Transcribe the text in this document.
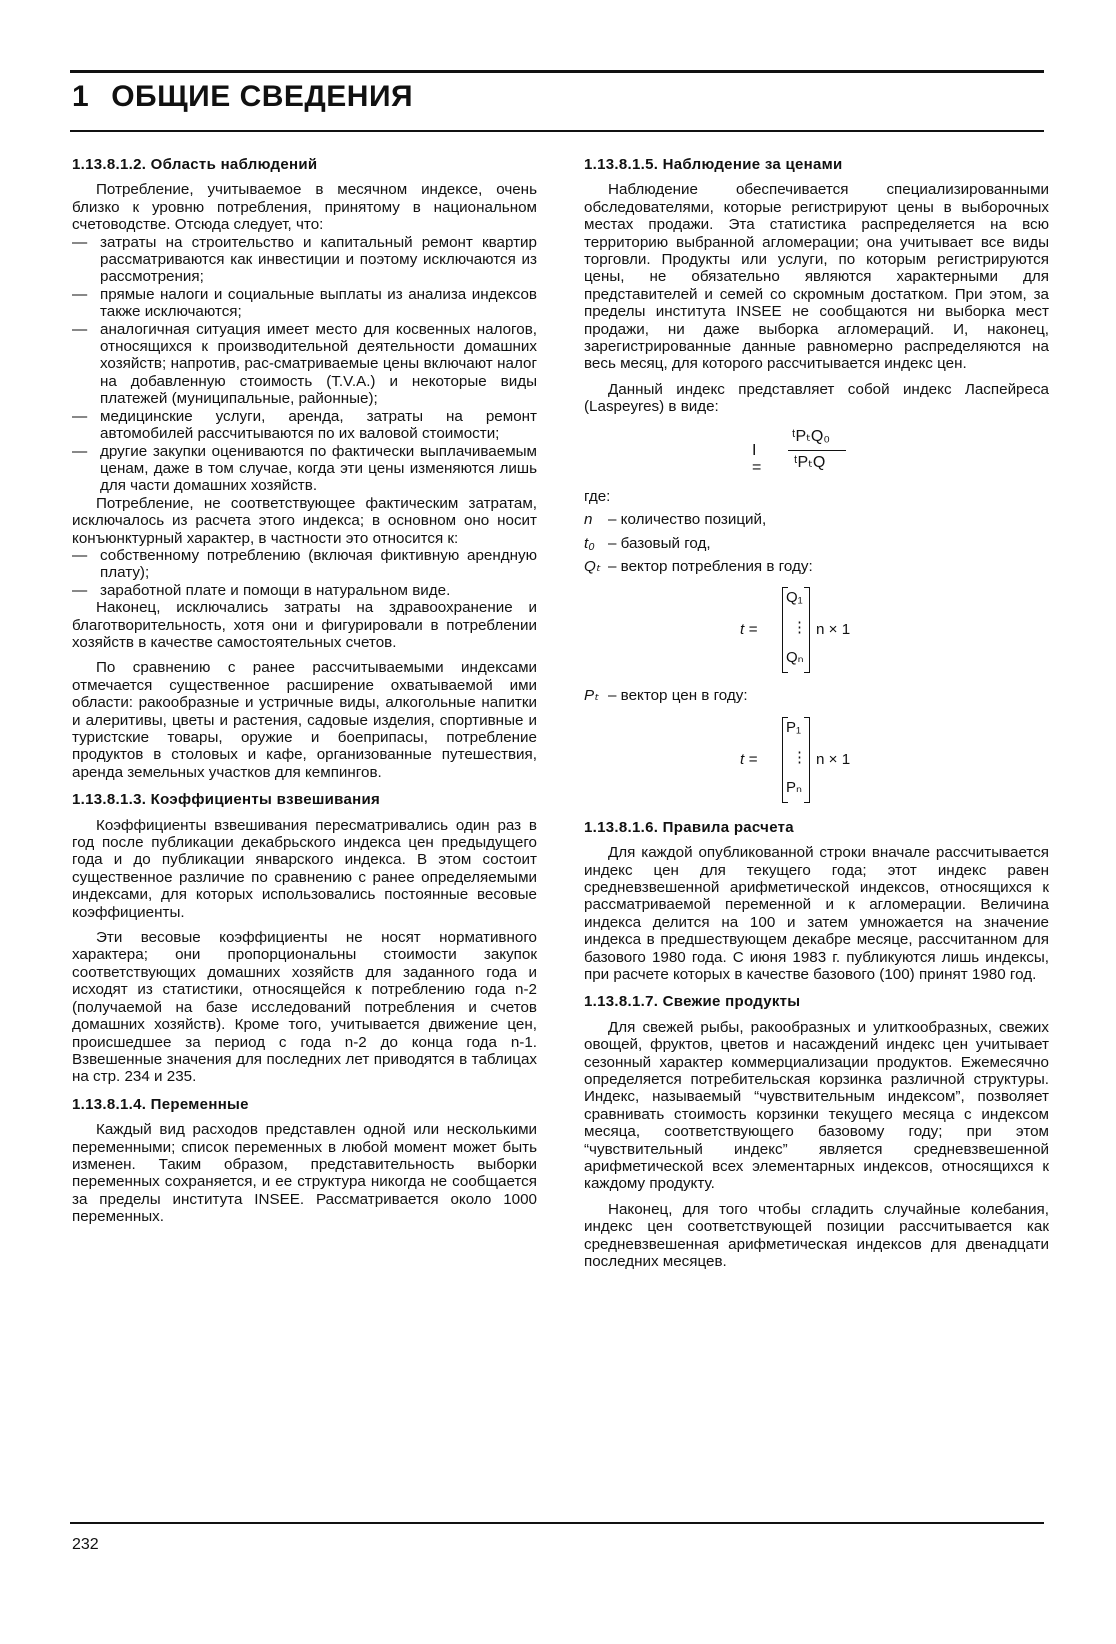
1 ОБЩИЕ СВЕДЕНИЯ
1.13.8.1.2. Область наблюдений

Потребление, учитываемое в месячном индексе, очень близко к уровню потребления, принятому в национальном счетоводстве. Отсюда следует, что:

— затраты на строительство и капитальный ремонт квартир рассматриваются как инвестиции и поэтому исключаются из рассмотрения;
— прямые налоги и социальные выплаты из анализа индексов также исключаются;
— аналогичная ситуация имеет место для косвенных налогов, относящихся к производительной деятельности домашних хозяйств; напротив, рас-сматриваемые цены включают налог на добавленную стоимость (T.V.A.) и некоторые виды платежей (муниципальные, районные);
— медицинские услуги, аренда, затраты на ремонт автомобилей рассчитываются по их валовой стоимости;
— другие закупки оцениваются по фактически выплачиваемым ценам, даже в том случае, когда эти цены изменяются лишь для части домашних хозяйств.

Потребление, не соответствующее фактическим затратам, исключалось из расчета этого индекса; в основном оно носит конъюнктурный характер, в частности это относится к:

— собственному потреблению (включая фиктивную арендную плату);
— заработной плате и помощи в натуральном виде.

Наконец, исключались затраты на здравоохранение и благотворительность, хотя они и фигурировали в потреблении хозяйств в качестве самостоятельных счетов.

По сравнению с ранее рассчитываемыми индексами отмечается существенное расширение охватываемой ими области: ракообразные и устричные виды, алкогольные напитки и алеритивы, цветы и растения, садовые изделия, спортивные и туристские товары, оружие и боеприпасы, потребление продуктов в столовых и кафе, организованные путешествия, аренда земельных участков для кемпингов.

1.13.8.1.3. Коэффициенты взвешивания

Коэффициенты взвешивания пересматривались один раз в год после публикации декабрьского индекса цен предыдущего года и до публикации январского индекса. В этом состоит существенное различие по сравнению с ранее определяемыми индексами, для которых использовались постоянные весовые коэффициенты.

Эти весовые коэффициенты не носят нормативного характера; они пропорциональны стоимости закупок соответствующих домашних хозяйств для заданного года и исходят из статистики, относящейся к потреблению года n-2 (получаемой на базе исследований потребления и счетов домашних хозяйств). Кроме того, учитывается движение цен, происшедшее за период с года n-2 до конца года n-1. Взвешенные значения для последних лет приводятся в таблицах на стр. 234 и 235.

1.13.8.1.4. Переменные

Каждый вид расходов представлен одной или несколькими переменными; список переменных в любой момент может быть изменен. Таким образом, представительность выборки переменных сохраняется, и ее структура никогда не сообщается за пределы института INSEE. Рассматривается около 1000 переменных.

1.13.8.1.5. Наблюдение за ценами

Наблюдение обеспечивается специализированными обследователями, которые регистрируют цены в выборочных местах продажи. Эта статистика распределяется на всю территорию выбранной агломерации; она учитывает все виды торговли. Продукты или услуги, по которым регистрируются цены, не обязательно являются характерными для представителей и семей со скромным достатком. При этом, за пределы института INSEE не сообщаются ни выборка мест продажи, ни даже выборка агломераций. И, наконец, зарегистрированные данные равномерно распределяются на весь месяц, для которого рассчитывается индекс цен.

Данный индекс представляет собой индекс Ласпейреса (Laspeyres) в виде:

I =
ᵗPₜQ₀
ᵗPₜQ

где:

n – количество позиций,
t₀ – базовый год,
Qₜ – вектор потребления в году:
t =
Q₁
⋮
Qₙ
n × 1
Pₜ – вектор цен в году:
t =
P₁
⋮
Pₙ
n × 1
1.13.8.1.6. Правила расчета

Для каждой опубликованной строки вначале рассчитывается индекс цен для текущего года; этот индекс равен средневзвешенной арифметической индексов, относящихся к рассматриваемой переменной и к агломерации. Величина индекса делится на 100 и затем умножается на значение индекса в предшествующем декабре месяце, рассчитанном для базового 1980 года. С июня 1983 г. публикуются лишь индексы, при расчете которых в качестве базового (100) принят 1980 год.

1.13.8.1.7. Свежие продукты

Для свежей рыбы, ракообразных и улиткообразных, свежих овощей, фруктов, цветов и насаждений индекс цен учитывает сезонный характер коммерциализации продуктов. Ежемесячно определяется потребительская корзинка различной структуры. Индекс, называемый “чувствительным индексом”, позволяет сравнивать стоимость корзинки текущего месяца с индексом месяца, соответствующего базовому году; при этом “чувствительный индекс” является средневзвешенной арифметической всех элементарных индексов, относящихся к каждому продукту.

Наконец, для того чтобы сгладить случайные колебания, индекс цен соответствующей позиции рассчитывается как средневзвешенная арифметическая индексов для двенадцати последних месяцев.

232
